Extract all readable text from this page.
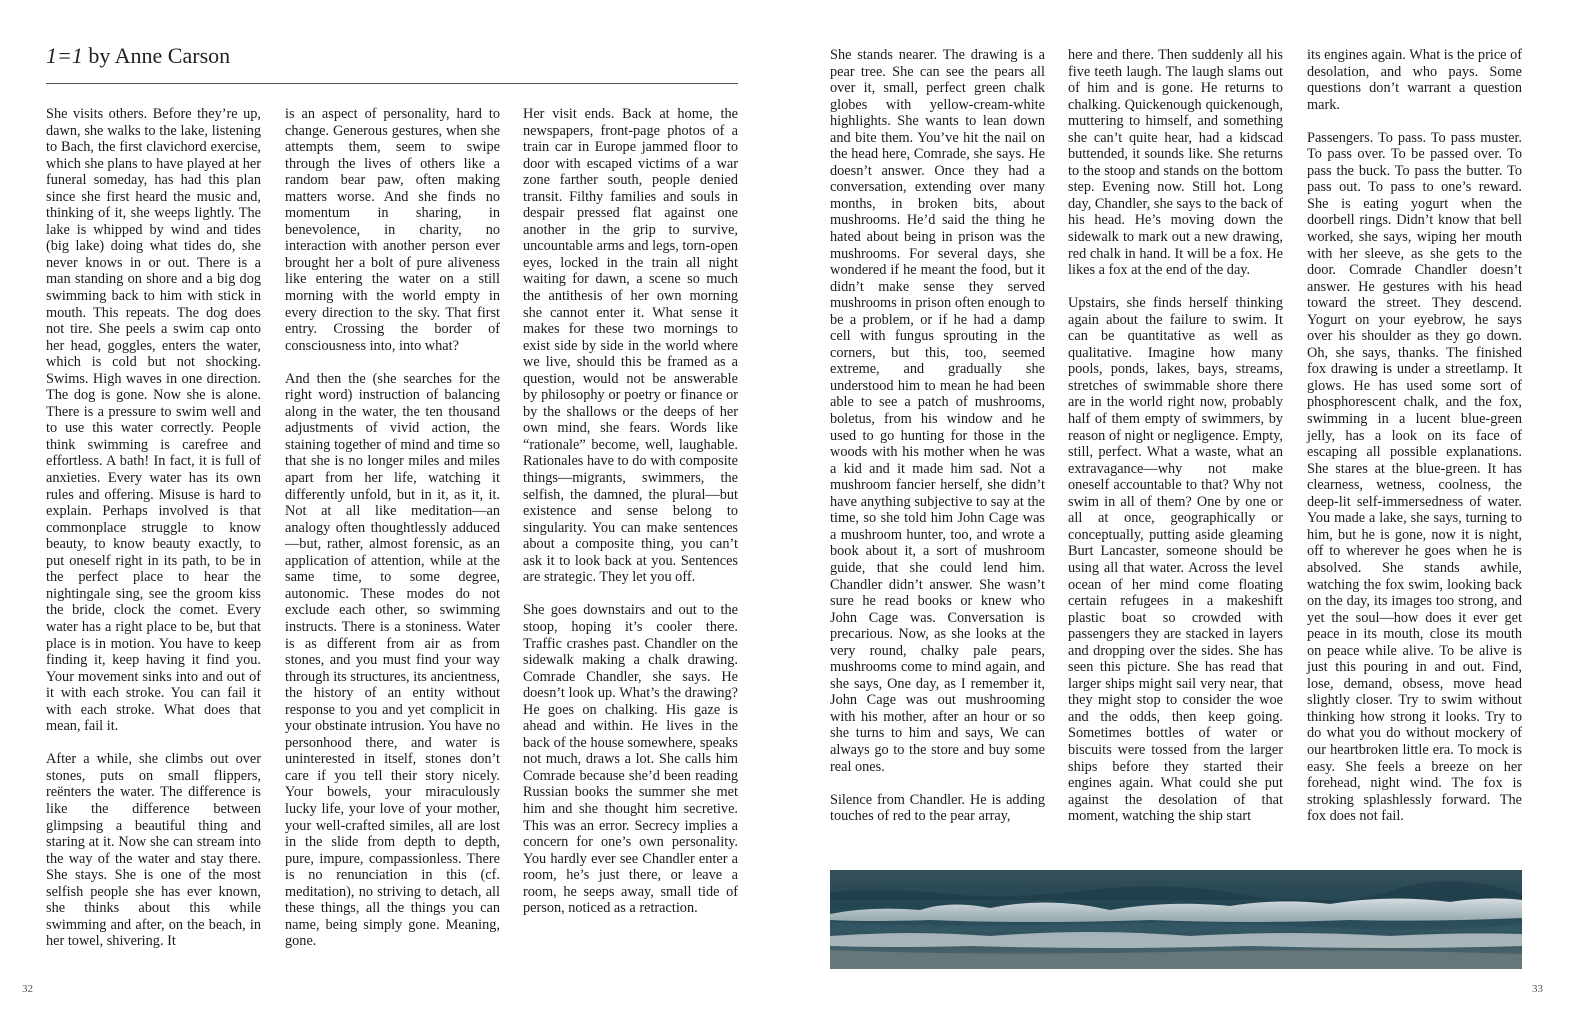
1=1 by Anne Carson

She visits others. Before they’re up, dawn, she walks to the lake, listening to Bach, the first clavichord exercise, which she plans to have played at her funeral someday, has had this plan since she first heard the music and, thinking of it, she weeps lightly. The lake is whipped by wind and tides (big lake) doing what tides do, she never knows in or out. There is a man standing on shore and a big dog swimming back to him with stick in mouth. This repeats. The dog does not tire. She peels a swim cap onto her head, goggles, enters the water, which is cold but not shocking. Swims. High waves in one direction. The dog is gone. Now she is alone. There is a pressure to swim well and to use this water correctly. People think swimming is carefree and effortless. A bath! In fact, it is full of anxieties. Every water has its own rules and offering. Misuse is hard to explain. Perhaps involved is that commonplace struggle to know beauty, to know beauty exactly, to put oneself right in its path, to be in the perfect place to hear the nightingale sing, see the groom kiss the bride, clock the comet. Every water has a right place to be, but that place is in motion. You have to keep finding it, keep having it find you. Your movement sinks into and out of it with each stroke. You can fail it with each stroke. What does that mean, fail it.

After a while, she climbs out over stones, puts on small flippers, reënters the water. The difference is like the difference between glimpsing a beautiful thing and staring at it. Now she can stream into the way of the water and stay there. She stays. She is one of the most selfish people she has ever known, she thinks about this while swimming and after, on the beach, in her towel, shivering. It

is an aspect of personality, hard to change. Generous gestures, when she attempts them, seem to swipe through the lives of others like a random bear paw, often making matters worse. And she finds no momentum in sharing, in benevolence, in charity, no interaction with another person ever brought her a bolt of pure aliveness like entering the water on a still morning with the world empty in every direction to the sky. That first entry. Crossing the border of consciousness into, into what?

And then the (she searches for the right word) instruction of balancing along in the water, the ten thousand adjustments of vivid action, the staining together of mind and time so that she is no longer miles and miles apart from her life, watching it differently unfold, but in it, as it, it. Not at all like meditation—an analogy often thoughtlessly adduced—but, rather, almost forensic, as an application of attention, while at the same time, to some degree, autonomic. These modes do not exclude each other, so swimming instructs. There is a stoniness. Water is as different from air as from stones, and you must find your way through its structures, its ancientness, the history of an entity without response to you and yet complicit in your obstinate intrusion. You have no personhood there, and water is uninterested in itself, stones don’t care if you tell their story nicely. Your bowels, your miraculously lucky life, your love of your mother, your well-crafted similes, all are lost in the slide from depth to depth, pure, impure, compassionless. There is no renunciation in this (cf. meditation), no striving to detach, all these things, all the things you can name, being simply gone. Meaning, gone.

Her visit ends. Back at home, the newspapers, front-page photos of a train car in Europe jammed floor to door with escaped victims of a war zone farther south, people denied transit. Filthy families and souls in despair pressed flat against one another in the grip to survive, uncountable arms and legs, torn-open eyes, locked in the train all night waiting for dawn, a scene so much the antithesis of her own morning she cannot enter it. What sense it makes for these two mornings to exist side by side in the world where we live, should this be framed as a question, would not be answerable by philosophy or poetry or finance or by the shallows or the deeps of her own mind, she fears. Words like “rationale” become, well, laughable. Rationales have to do with composite things—migrants, swimmers, the selfish, the damned, the plural—but existence and sense belong to singularity. You can make sentences about a composite thing, you can’t ask it to look back at you. Sentences are strategic. They let you off.

She goes downstairs and out to the stoop, hoping it’s cooler there. Traffic crashes past. Chandler on the sidewalk making a chalk drawing. Comrade Chandler, she says. He doesn’t look up. What’s the drawing? He goes on chalking. His gaze is ahead and within. He lives in the back of the house somewhere, speaks not much, draws a lot. She calls him Comrade because she’d been reading Russian books the summer she met him and she thought him secretive. This was an error. Secrecy implies a concern for one’s own personality. You hardly ever see Chandler enter a room, he’s just there, or leave a room, he seeps away, small tide of person, noticed as a retraction.

She stands nearer. The drawing is a pear tree. She can see the pears all over it, small, perfect green chalk globes with yellow-cream-white highlights. She wants to lean down and bite them. You’ve hit the nail on the head here, Comrade, she says. He doesn’t answer. Once they had a conversation, extending over many months, in broken bits, about mushrooms. He’d said the thing he hated about being in prison was the mushrooms. For several days, she wondered if he meant the food, but it didn’t make sense they served mushrooms in prison often enough to be a problem, or if he had a damp cell with fungus sprouting in the corners, but this, too, seemed extreme, and gradually she understood him to mean he had been able to see a patch of mushrooms, boletus, from his window and he used to go hunting for those in the woods with his mother when he was a kid and it made him sad. Not a mushroom fancier herself, she didn’t have anything subjective to say at the time, so she told him John Cage was a mushroom hunter, too, and wrote a book about it, a sort of mushroom guide, that she could lend him. Chandler didn’t answer. She wasn’t sure he read books or knew who John Cage was. Conversation is precarious. Now, as she looks at the very round, chalky pale pears, mushrooms come to mind again, and she says, One day, as I remember it, John Cage was out mushrooming with his mother, after an hour or so she turns to him and says, We can always go to the store and buy some real ones.

Silence from Chandler. He is adding touches of red to the pear array,

here and there. Then suddenly all his five teeth laugh. The laugh slams out of him and is gone. He returns to chalking. Quickenough quickenough, muttering to himself, and something she can’t quite hear, had a kidscad buttended, it sounds like. She returns to the stoop and stands on the bottom step. Evening now. Still hot. Long day, Chandler, she says to the back of his head. He’s moving down the sidewalk to mark out a new drawing, red chalk in hand. It will be a fox. He likes a fox at the end of the day.

Upstairs, she finds herself thinking again about the failure to swim. It can be quantitative as well as qualitative. Imagine how many pools, ponds, lakes, bays, streams, stretches of swimmable shore there are in the world right now, probably half of them empty of swimmers, by reason of night or negligence. Empty, still, perfect. What a waste, what an extravagance—why not make oneself accountable to that? Why not swim in all of them? One by one or all at once, geographically or conceptually, putting aside gleaming Burt Lancaster, someone should be using all that water. Across the level ocean of her mind come floating certain refugees in a makeshift plastic boat so crowded with passengers they are stacked in layers and dropping over the sides. She has seen this picture. She has read that larger ships might sail very near, that they might stop to consider the woe and the odds, then keep going. Sometimes bottles of water or biscuits were tossed from the larger ships before they started their engines again. What could she put against the desolation of that moment, watching the ship start

its engines again. What is the price of desolation, and who pays. Some questions don’t warrant a question mark.

Passengers. To pass. To pass muster. To pass over. To be passed over. To pass the buck. To pass the butter. To pass out. To pass to one’s reward. She is eating yogurt when the doorbell rings. Didn’t know that bell worked, she says, wiping her mouth with her sleeve, as she gets to the door. Comrade Chandler doesn’t answer. He gestures with his head toward the street. They descend. Yogurt on your eyebrow, he says over his shoulder as they go down. Oh, she says, thanks. The finished fox drawing is under a streetlamp. It glows. He has used some sort of phosphorescent chalk, and the fox, swimming in a lucent blue-green jelly, has a look on its face of escaping all possible explanations. She stares at the blue-green. It has clearness, wetness, coolness, the deep-lit self-immersedness of water. You made a lake, she says, turning to him, but he is gone, now it is night, off to wherever he goes when he is absolved. She stands awhile, watching the fox swim, looking back on the day, its images too strong, and yet the soul—how does it ever get peace in its mouth, close its mouth on peace while alive. To be alive is just this pouring in and out. Find, lose, demand, obsess, move head slightly closer. Try to swim without thinking how strong it looks. Try to do what you do without mockery of our heartbroken little era. To mock is easy. She feels a breeze on her forehead, night wind. The fox is stroking splashlessly forward. The fox does not fail.

32	33
